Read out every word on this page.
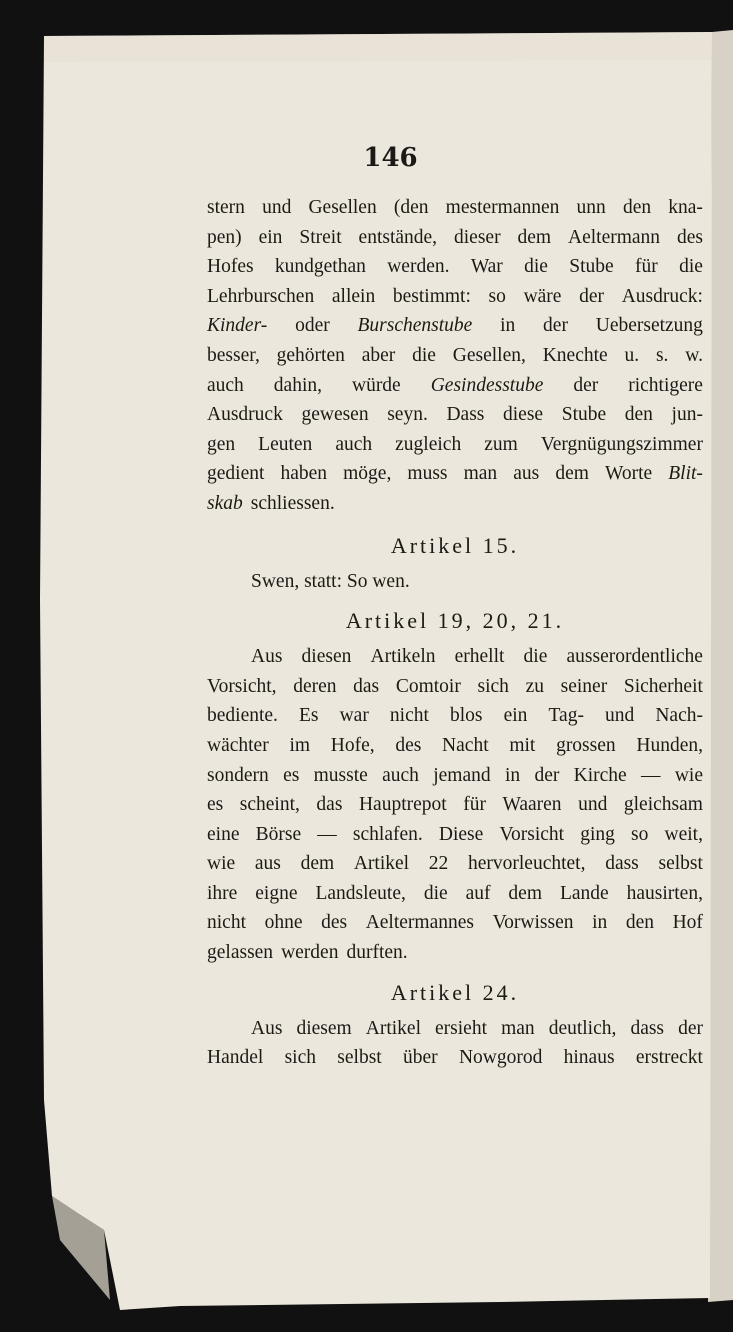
146
stern und Gesellen (den mestermannen unn den kna-
pen) ein Streit entstände, dieser dem Aeltermann des
Hofes kundgethan werden. War die Stube für die
Lehrburschen allein bestimmt: so wäre der Ausdruck:
Kinder- oder Burschenstube in der Uebersetzung
besser, gehörten aber die Gesellen, Knechte u. s. w.
auch dahin, würde Gesindesstube der richtigere
Ausdruck gewesen seyn. Dass diese Stube den jun-
gen Leuten auch zugleich zum Vergnügungszimmer
gedient haben möge, muss man aus dem Worte Blit-
skab schliessen.
Artikel 15.
Swen, statt: So wen.
Artikel 19, 20, 21.
Aus diesen Artikeln erhellt die ausserordentliche
Vorsicht, deren das Comtoir sich zu seiner Sicherheit
bediente. Es war nicht blos ein Tag- und Nach-
wächter im Hofe, des Nacht mit grossen Hunden,
sondern es musste auch jemand in der Kirche — wie
es scheint, das Hauptrepot für Waaren und gleichsam
eine Börse — schlafen. Diese Vorsicht ging so weit,
wie aus dem Artikel 22 hervorleuchtet, dass selbst
ihre eigne Landsleute, die auf dem Lande hausirten,
nicht ohne des Aeltermannes Vorwissen in den Hof
gelassen werden durften.
Artikel 24.
Aus diesem Artikel ersieht man deutlich, dass der
Handel sich selbst über Nowgorod hinaus erstreckt
